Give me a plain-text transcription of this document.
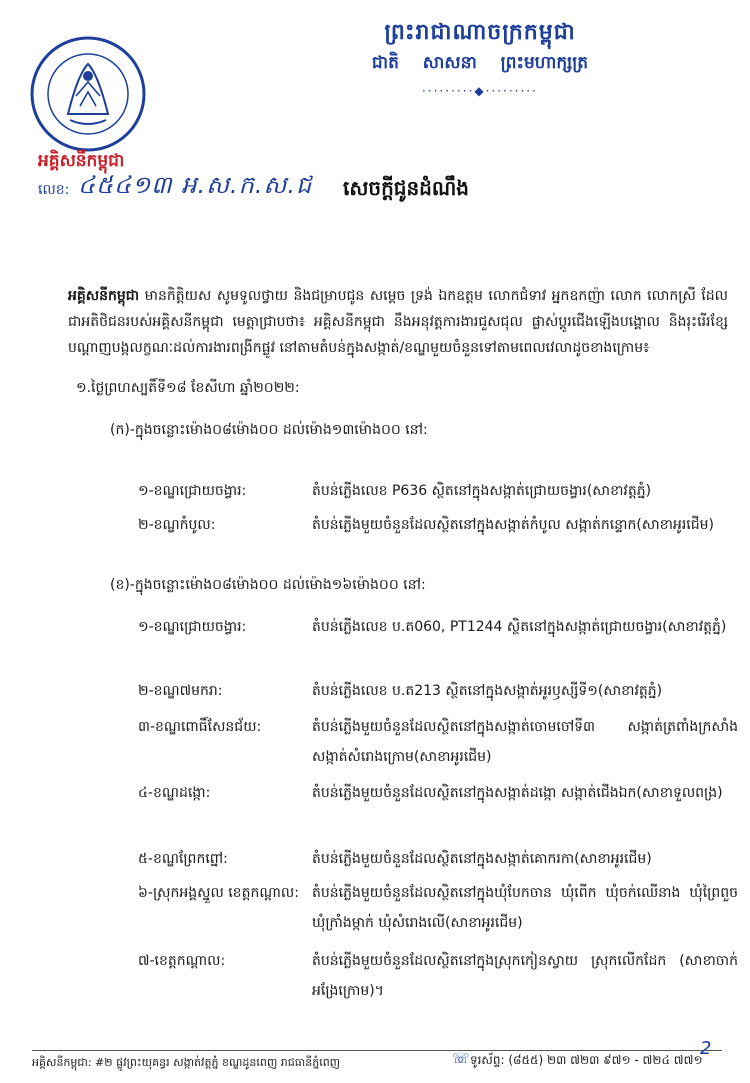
ព្រះរាជាណាចក្រកម្ពុជា
ជាតិ សាសនា ព្រះមហាក្សត្រ
·········◆·········
អគ្គិសនីកម្ពុជា
លេខ: ៤៥៤១៣ អ.ស.ក.ស.ជ	សេចក្តីជូនដំណឹង
អគ្គិសនីកម្ពុជា មានកិត្តិយស សូមទូលថ្វាយ និងជម្រាបជូន សម្តេច ទ្រង់ ឯកឧត្តម លោកជំទាវ អ្នកឧកញ៉ា លោក លោកស្រី ដែលជាអតិថិជនរបស់អគ្គិសនីកម្ពុជា មេត្តាជ្រាបថា៖ អគ្គិសនីកម្ពុជា នឹងអនុវត្តការងារជួសជុល ផ្លាស់ប្តូរជើងឡើងបង្គោល និងរុះរើរខ្សែបណ្តាញបង្កលក្ខណៈដល់ការងារពង្រីកផ្លូវ នៅតាមតំបន់ក្នុងសង្កាត់/ខណ្ឌមួយចំនួនទៅតាមពេលវេលាដូចខាងក្រោម៖
១.ថ្ងៃព្រហស្បតិ៍ទី១៨ ខែសីហា ឆ្នាំ២០២២:
(ក)-ក្នុងចន្លោះម៉ោង០៨ម៉ោង០០ ដល់ម៉ោង១៣ម៉ោង០០ នៅ:
១-ខណ្ឌជ្រោយចង្វារ:	តំបន់ភ្លើងលេខ P636 ស្ថិតនៅក្នុងសង្កាត់ជ្រោយចង្វារ(សាខាវត្តភ្នំ)
២-ខណ្ឌកំបូល:	តំបន់ភ្លើងមួយចំនួនដែលស្ថិតនៅក្នុងសង្កាត់កំបូល សង្កាត់កន្ទោក(សាខាអូរជើម)
(ខ)-ក្នុងចន្លោះម៉ោង០៨ម៉ោង០០ ដល់ម៉ោង១៦ម៉ោង០០ នៅ:
១-ខណ្ឌជ្រោយចង្វារ:	តំបន់ភ្លើងលេខ ប.ត060, PT1244 ស្ថិតនៅក្នុងសង្កាត់ជ្រោយចង្វារ(សាខាវត្តភ្នំ)
២-ខណ្ឌ៧មករា:	តំបន់ភ្លើងលេខ ប.ត213 ស្ថិតនៅក្នុងសង្កាត់អូរឫស្សីទី១(សាខាវត្តភ្នំ)
៣-ខណ្ឌពោធិ៍សែនជ័យ:	តំបន់ភ្លើងមួយចំនួនដែលស្ថិតនៅក្នុងសង្កាត់ចោមចៅទី៣ សង្កាត់ត្រពាំងក្រសាំង សង្កាត់សំរោងក្រោម(សាខាអូរជើម)
៤-ខណ្ឌដង្កោ:	តំបន់ភ្លើងមួយចំនួនដែលស្ថិតនៅក្នុងសង្កាត់ដង្កោ សង្កាត់ជើងឯក(សាខាទួលពង្រ)
៥-ខណ្ឌព្រែកព្នៅ:	តំបន់ភ្លើងមួយចំនួនដែលស្ថិតនៅក្នុងសង្កាត់គោករកា(សាខាអូរជើម)
៦-ស្រុកអង្គស្នួល ខេត្តកណ្តាល: តំបន់ភ្លើងមួយចំនួនដែលស្ថិតនៅក្នុងឃុំបែកចាន ឃុំពើក ឃុំចក់ឈើនាង ឃុំព្រៃពួច ឃុំក្រាំងម្កាក់ ឃុំសំរោងលើ(សាខាអូរជើម)
៧-ខេត្តកណ្តាល:	តំបន់ភ្លើងមួយចំនួនដែលស្ថិតនៅក្នុងស្រុកកៀនស្វាយ ស្រុកលើកដែក (សាខាចាក់អង្រែក្រោម)។
អគ្គិសនីកម្ពុជា: #២ ផ្លូវព្រះយុគន្ធរ សង្កាត់វត្តភ្នំ ខណ្ឌដូនពេញ រាជធានីភ្នំពេញ	☏ ទូរស័ព្ទ: (៨៥៥) ២៣ ៧២៣ ៩៧១ - ៧២៤ ៧៧១
2
